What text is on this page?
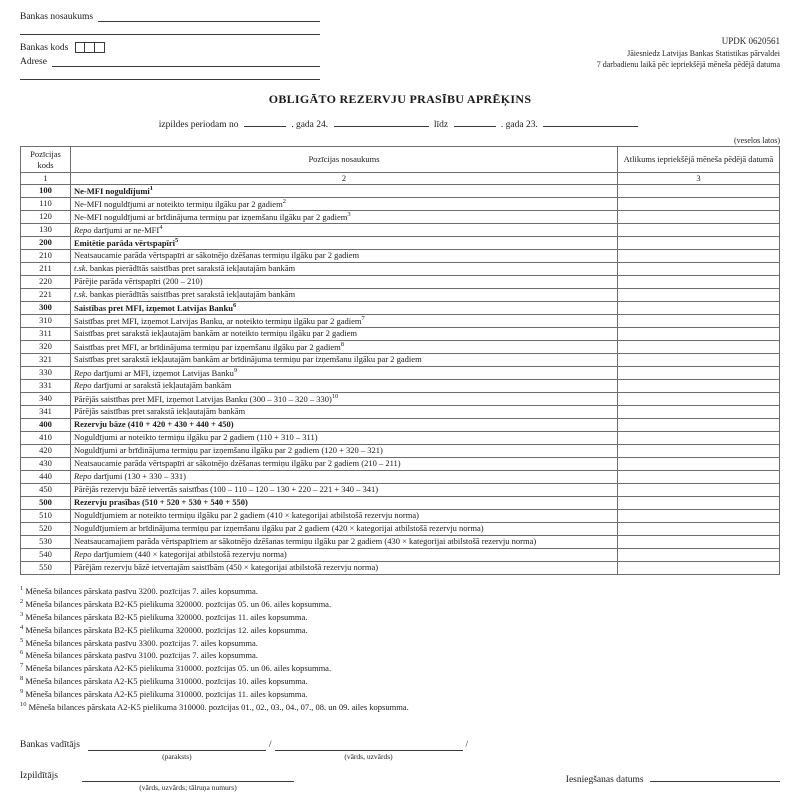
Bankas nosaukums
Bankas kods
Adrese
UPDK 0620561
Jāiesniedz Latvijas Bankas Statistikas pārvaldei
7 darbadienu laikā pēc iepriekšējā mēneša pēdējā datuma
OBLIGĀTO REZERVJU PRASĪBU APRĒĶINS
izpildes periodam no	. gada 24.	līdz	. gada 23.
(veselos latos)
Pozīcijas kods	Pozīcijas nosaukums	Atlikums iepriekšējā mēneša pēdējā datumā
1	2	3
100	Ne-MFI noguldījumi$^1$	
110	Ne-MFI noguldījumi ar noteikto termiņu ilgāku par 2 gadiem$^2$	
120	Ne-MFI noguldījumi ar brīdinājuma termiņu par izņemšanu ilgāku par 2 gadiem$^3$	
130	Repo darījumi ar ne-MFI$^4$	
200	Emitētie parāda vērtspapīri$^5$	
210	Neatsaucamie parāda vērtspapīri ar sākotnējo dzēšanas termiņu ilgāku par 2 gadiem	
211	t.sk. bankas pierādītās saistības pret sarakstā iekļautajām bankām	
220	Pārējie parāda vērtspapīri (200 – 210)	
221	t.sk. bankas pierādītās saistības pret sarakstā iekļautajām bankām	
300	Saistības pret MFI, izņemot Latvijas Banku$^6$	
310	Saistības pret MFI, izņemot Latvijas Banku, ar noteikto termiņu ilgāku par 2 gadiem$^7$	
311	Saistības pret sarakstā iekļautajām bankām ar noteikto termiņu ilgāku par 2 gadiem	
320	Saistības pret MFI, ar brīdinājuma termiņu par izņemšanu ilgāku par 2 gadiem$^8$	
321	Saistības pret sarakstā iekļautajām bankām ar brīdinājuma termiņu par izņemšanu ilgāku par 2 gadiem	
330	Repo darījumi ar MFI, izņemot Latvijas Banku$^9$	
331	Repo darījumi ar sarakstā iekļautajām bankām	
340	Pārējās saistības pret MFI, izņemot Latvijas Banku (300 – 310 – 320 – 330)$^{10}$	
341	Pārējās saistības pret sarakstā iekļautajām bankām	
400	Rezervju bāze (410 + 420 + 430 + 440 + 450)	
410	Noguldījumi ar noteikto termiņu ilgāku par 2 gadiem (110 + 310 – 311)	
420	Noguldījumi ar brīdinājuma termiņu par izņemšanu ilgāku par 2 gadiem (120 + 320 – 321)	
430	Neatsaucamie parāda vērtspapīri ar sākotnējo dzēšanas termiņu ilgāku par 2 gadiem (210 – 211)	
440	Repo darījumi (130 + 330 – 331)	
450	Pārējās rezervju bāzē ietvertās saistības (100 – 110 – 120 – 130 + 220 – 221 + 340 – 341)	
500	Rezervju prasības (510 + 520 + 530 + 540 + 550)	
510	Noguldījumiem ar noteikto termiņu ilgāku par 2 gadiem (410 × kategorijai atbilstošā rezervju norma)	
520	Noguldījumiem ar brīdinājuma termiņu par izņemšanu ilgāku par 2 gadiem (420 × kategorijai atbilstošā rezervju norma)	
530	Neatsaucamajiem parāda vērtspapīriem ar sākotnējo dzēšanas termiņu ilgāku par 2 gadiem (430 × kategorijai atbilstošā rezervju norma)	
540	Repo darījumiem (440 × kategorijai atbilstošā rezervju norma)	
550	Pārējām rezervju bāzē ietvertajām saistībām (450 × kategorijai atbilstošā rezervju norma)	
$^1$ Mēneša bilances pārskata pasīvu 3200. pozīcijas 7. ailes kopsumma.
$^2$ Mēneša bilances pārskata B2-K5 pielikuma 320000. pozīcijas 05. un 06. ailes kopsumma.
$^3$ Mēneša bilances pārskata B2-K5 pielikuma 320000. pozīcijas 11. ailes kopsumma.
$^4$ Mēneša bilances pārskata B2-K5 pielikuma 320000. pozīcijas 12. ailes kopsumma.
$^5$ Mēneša bilances pārskata pasīvu 3300. pozīcijas 7. ailes kopsumma.
$^6$ Mēneša bilances pārskata pasīvu 3100. pozīcijas 7. ailes kopsumma.
$^7$ Mēneša bilances pārskata A2-K5 pielikuma 310000. pozīcijas 05. un 06. ailes kopsumma.
$^8$ Mēneša bilances pārskata A2-K5 pielikuma 310000. pozīcijas 10. ailes kopsumma.
$^9$ Mēneša bilances pārskata A2-K5 pielikuma 310000. pozīcijas 11. ailes kopsumma.
$^{10}$ Mēneša bilances pārskata A2-K5 pielikuma 310000. pozīcijas 01., 02., 03., 04., 07., 08. un 09. ailes kopsumma.
Bankas vadītājs
(paraksts)
/
(vārds, uzvārds)
/
Izpildītājs
(vārds, uzvārds; tālruņa numurs)
Iesniegšanas datums
